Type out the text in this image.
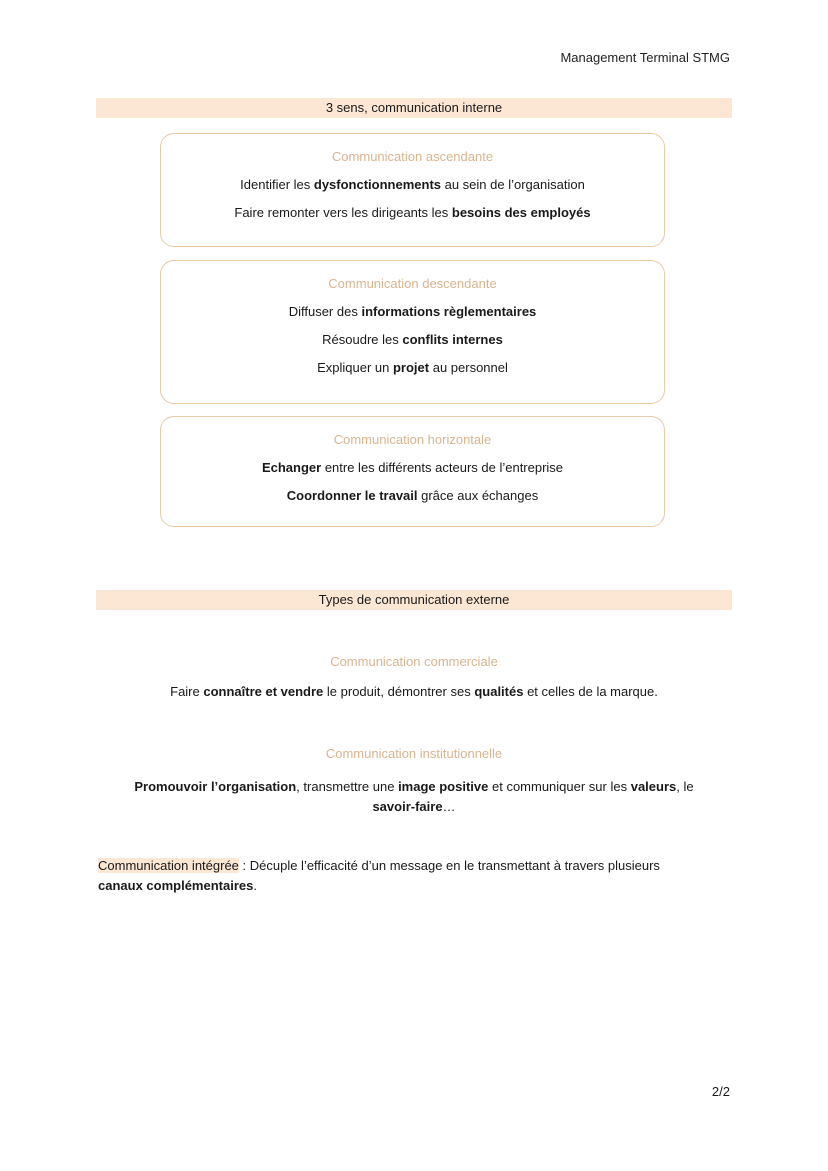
Management Terminal STMG
3 sens, communication interne
Communication ascendante
Identifier les dysfonctionnements au sein de l’organisation
Faire remonter vers les dirigeants les besoins des employés
Communication descendante
Diffuser des informations règlementaires
Résoudre les conflits internes
Expliquer un projet au personnel
Communication horizontale
Echanger entre les différents acteurs de l’entreprise
Coordonner le travail grâce aux échanges
Types de communication externe
Communication commerciale
Faire connaître et vendre le produit, démontrer ses qualités et celles de la marque.
Communication institutionnelle
Promouvoir l’organisation, transmettre une image positive et communiquer sur les valeurs, le
savoir-faire…
Communication intégrée : Décuple l’efficacité d’un message en le transmettant à travers plusieurs
canaux complémentaires.
2/2
